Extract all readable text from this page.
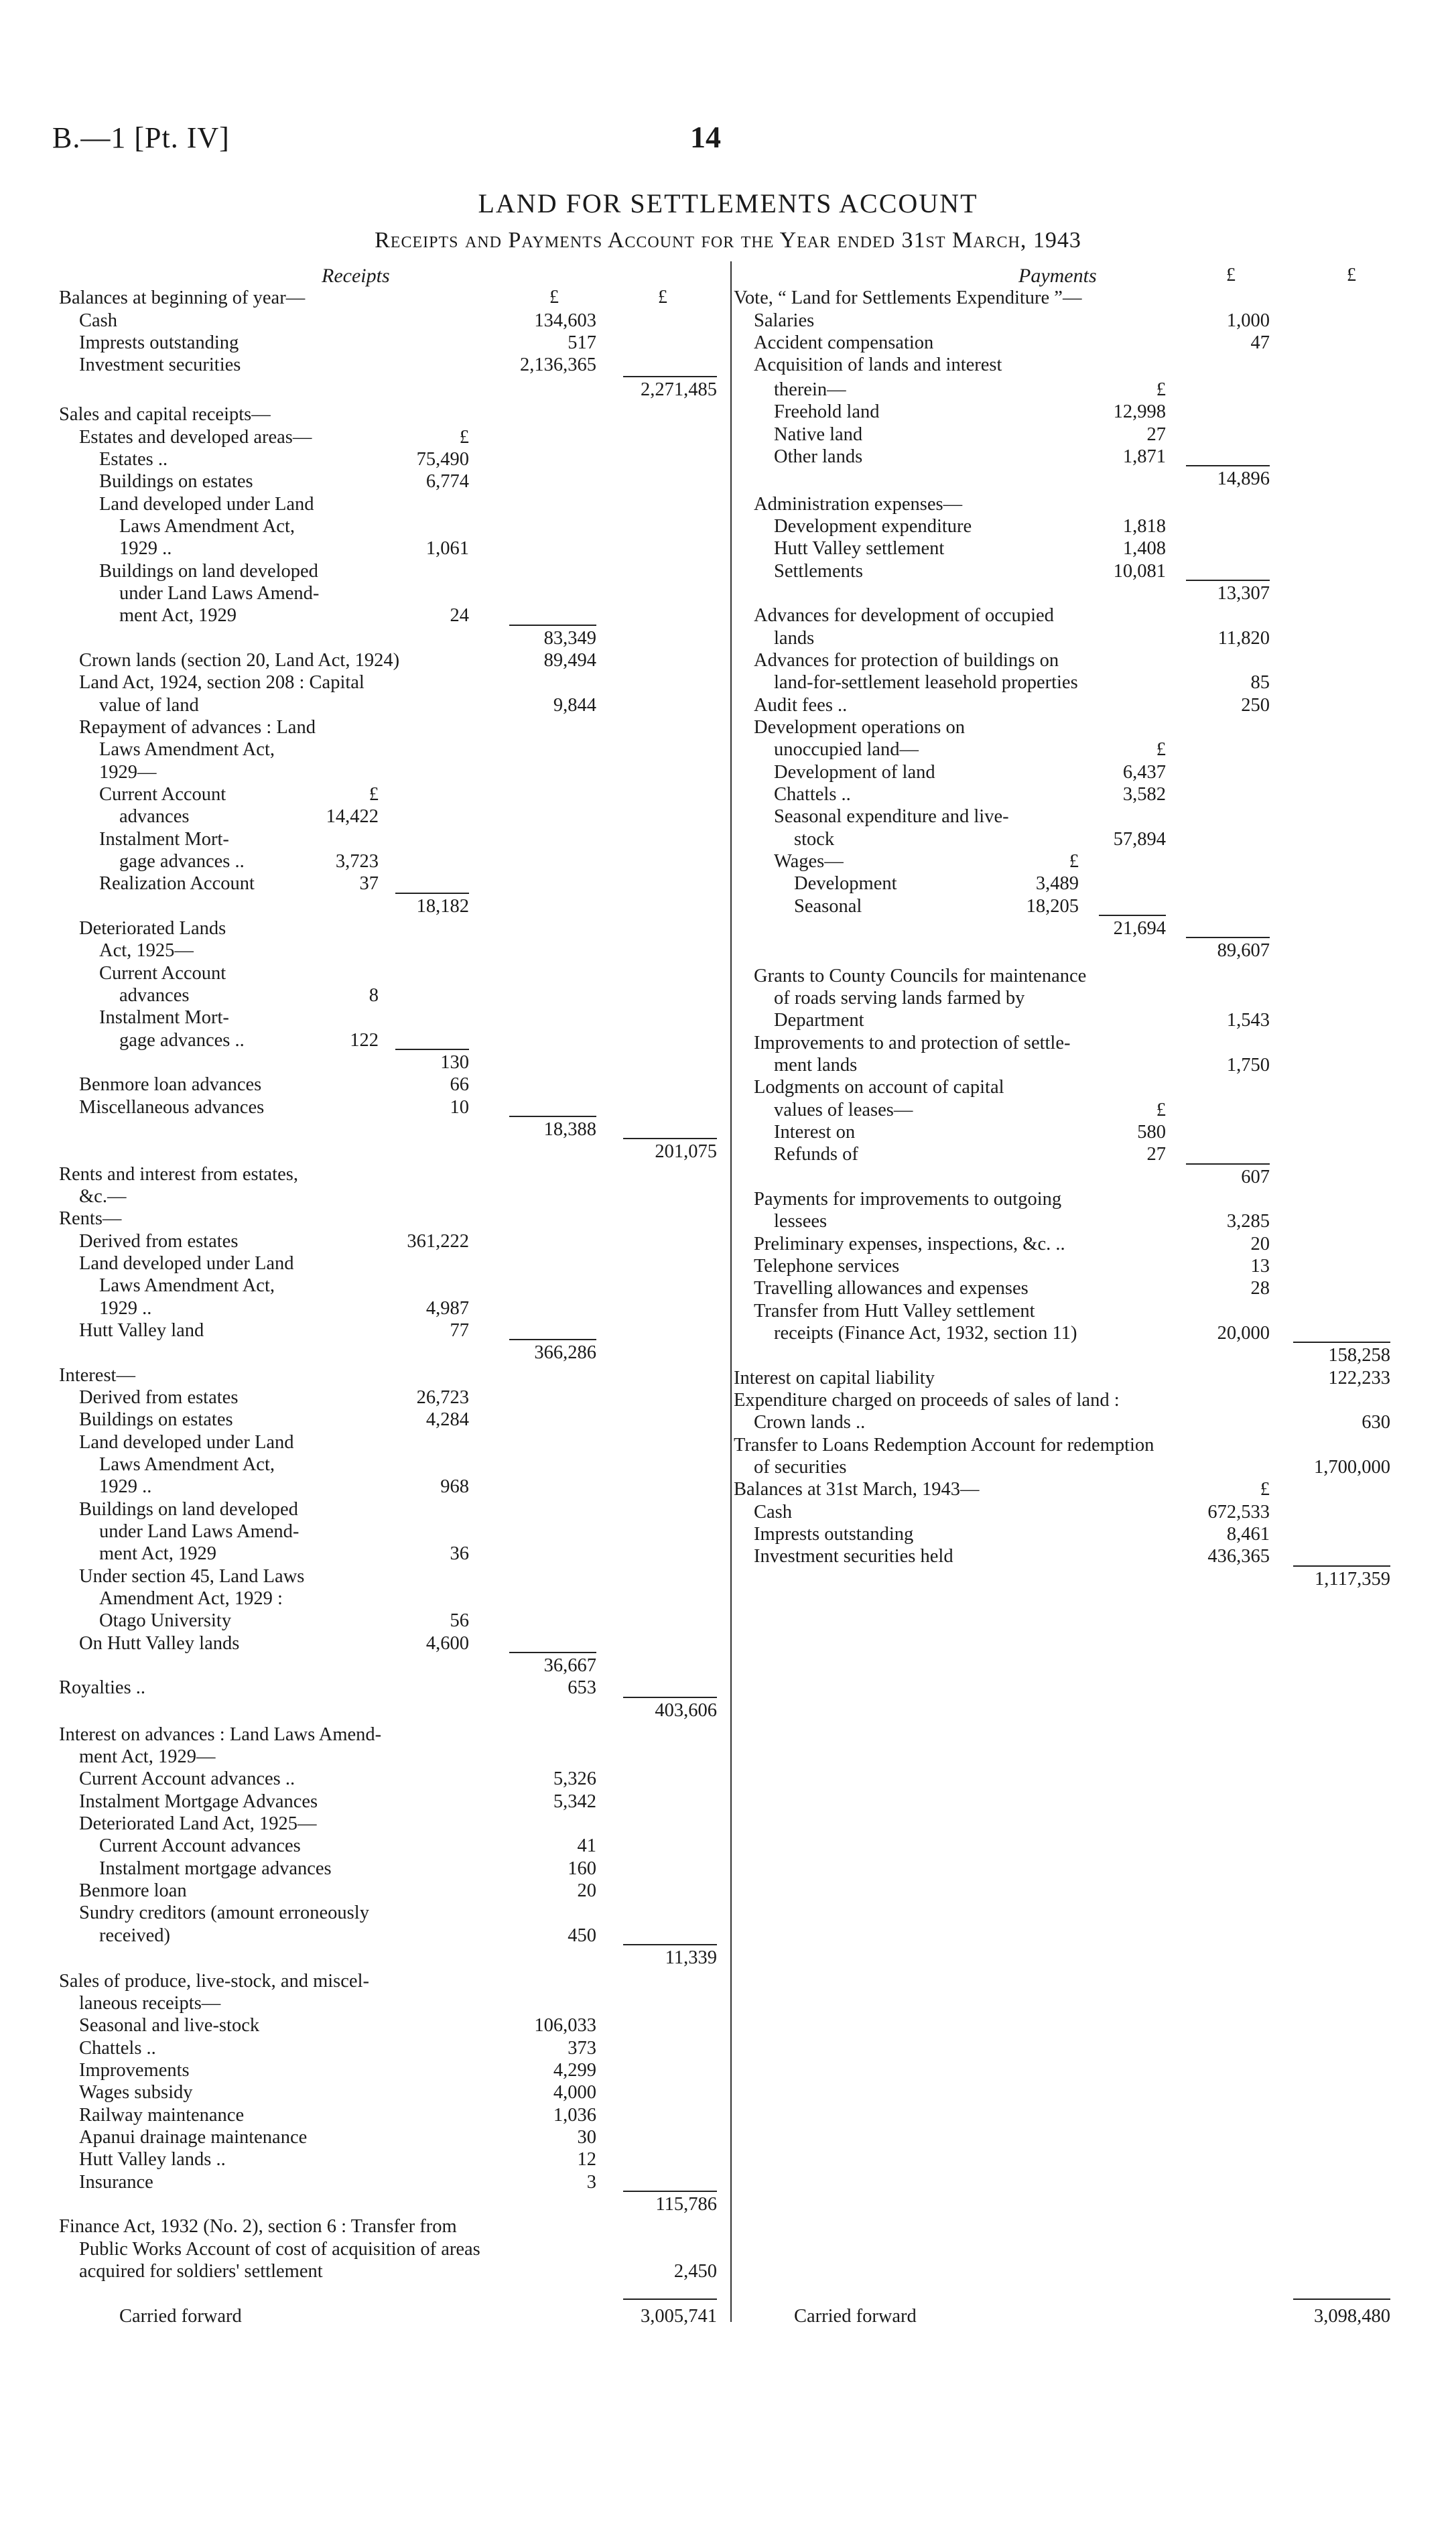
B.—1 [Pt. IV]	14
LAND FOR SETTLEMENTS ACCOUNT
Receipts and Payments Account for the Year ended 31st March, 1943
Receipts
£	£
Payments	£	£
Balances at beginning of year—
Cash	134,603
Imprests outstanding	517
Investment securities	2,136,365
2,271,485
Sales and capital receipts—
Estates and developed areas—	£
Estates ..	75,490
Buildings on estates	6,774
Land developed under Land
Laws Amendment Act,
1929 ..	1,061
Buildings on land developed
under Land Laws Amend-
ment Act, 1929	24
83,349
Crown lands (section 20, Land Act, 1924)	89,494
Land Act, 1924, section 208 : Capital
value of land	9,844
Repayment of advances : Land
Laws Amendment Act,
1929—
Current Account	£
advances	14,422
Instalment Mort-
gage advances ..	3,723
Realization Account	37
18,182
Deteriorated Lands
Act, 1925—
Current Account
advances	8
Instalment Mort-
gage advances ..	122
130
Benmore loan advances	66
Miscellaneous advances	10
18,388
201,075
Rents and interest from estates,
&c.—
Rents—
Derived from estates	361,222
Land developed under Land
Laws Amendment Act,
1929 ..	4,987
Hutt Valley land	77
366,286
Interest—
Derived from estates	26,723
Buildings on estates	4,284
Land developed under Land
Laws Amendment Act,
1929 ..	968
Buildings on land developed
under Land Laws Amend-
ment Act, 1929	36
Under section 45, Land Laws
Amendment Act, 1929 :
Otago University	56
On Hutt Valley lands	4,600
36,667
Royalties ..	653
403,606
Interest on advances : Land Laws Amend-
ment Act, 1929—
Current Account advances ..	5,326
Instalment Mortgage Advances	5,342
Deteriorated Land Act, 1925—
Current Account advances	41
Instalment mortgage advances	160
Benmore loan	20
Sundry creditors (amount erroneously
received)	450
11,339
Sales of produce, live-stock, and miscel-
laneous receipts—
Seasonal and live-stock	106,033
Chattels ..	373
Improvements	4,299
Wages subsidy	4,000
Railway maintenance	1,036
Apanui drainage maintenance	30
Hutt Valley lands ..	12
Insurance	3
115,786
Finance Act, 1932 (No. 2), section 6 : Transfer from
Public Works Account of cost of acquisition of areas
acquired for soldiers' settlement	2,450
Carried forward	3,005,741
Vote, “ Land for Settlements Expenditure ”—
Salaries	1,000
Accident compensation	47
Acquisition of lands and interest
therein—	£
Freehold land	12,998
Native land	27
Other lands	1,871
14,896
Administration expenses—
Development expenditure	1,818
Hutt Valley settlement	1,408
Settlements	10,081
13,307
Advances for development of occupied
lands	11,820
Advances for protection of buildings on
land-for-settlement leasehold properties	85
Audit fees ..	250
Development operations on
unoccupied land—	£
Development of land	6,437
Chattels ..	3,582
Seasonal expenditure and live-
stock	57,894
Wages—	£
Development	3,489
Seasonal	18,205
21,694
89,607
Grants to County Councils for maintenance
of roads serving lands farmed by
Department	1,543
Improvements to and protection of settle-
ment lands	1,750
Lodgments on account of capital
values of leases—	£
Interest on	580
Refunds of	27
607
Payments for improvements to outgoing
lessees	3,285
Preliminary expenses, inspections, &c. ..	20
Telephone services	13
Travelling allowances and expenses	28
Transfer from Hutt Valley settlement
receipts (Finance Act, 1932, section 11)	20,000
158,258
Interest on capital liability	122,233
Expenditure charged on proceeds of sales of land :
Crown lands ..	630
Transfer to Loans Redemption Account for redemption
of securities	1,700,000
Balances at 31st March, 1943—	£
Cash	672,533
Imprests outstanding	8,461
Investment securities held	436,365
1,117,359
Carried forward	3,098,480
